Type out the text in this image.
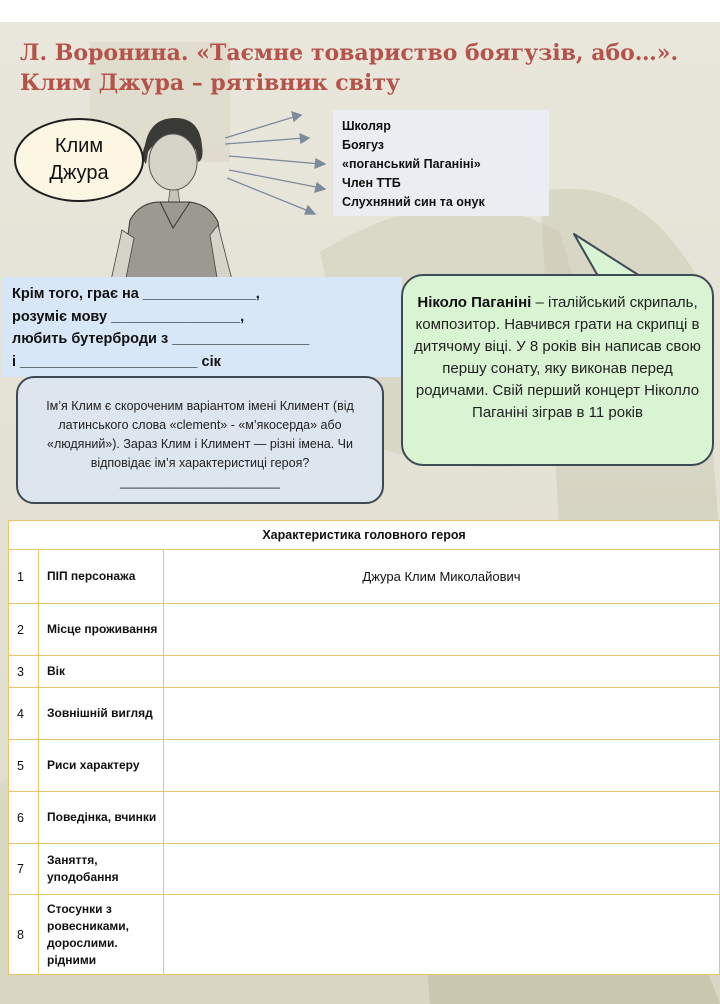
Л. Воронина. «Таємне товариство боягузів, або…».
Клим Джура – рятівник світу
Клим
Джура
Школяр
Боягуз
«поганський Паганіні»
Член ТТБ
Слухняний син та онук
Крім того, грає на ______________,
розуміє мову ________________,
любить бутерброди з _________________
і ______________________ сік
Ніколо Паганіні – італійський скрипаль, композитор. Навчився грати на скрипці в дитячому віці. У 8 років він написав свою першу сонату, яку виконав перед родичами. Свій перший концерт Ніколло Паганіні зіграв в 11 років
Ім’я Клим є скороченим варіантом імені Климент (від латинського слова «clement» - «м’якосерда» або «людяний»). Зараз Клим і Климент — різні імена. Чи відповідає ім’я характеристиці героя? _______________________
Характеристика головного героя		
1	ПІП персонажа	Джура Клим Миколайович
2	Місце проживання	
3	Вік	
4	Зовнішній вигляд	
5	Риси характеру	
6	Поведінка, вчинки	
7	Заняття, уподобання	
8	Стосунки з ровесниками, дорослими. рідними	
